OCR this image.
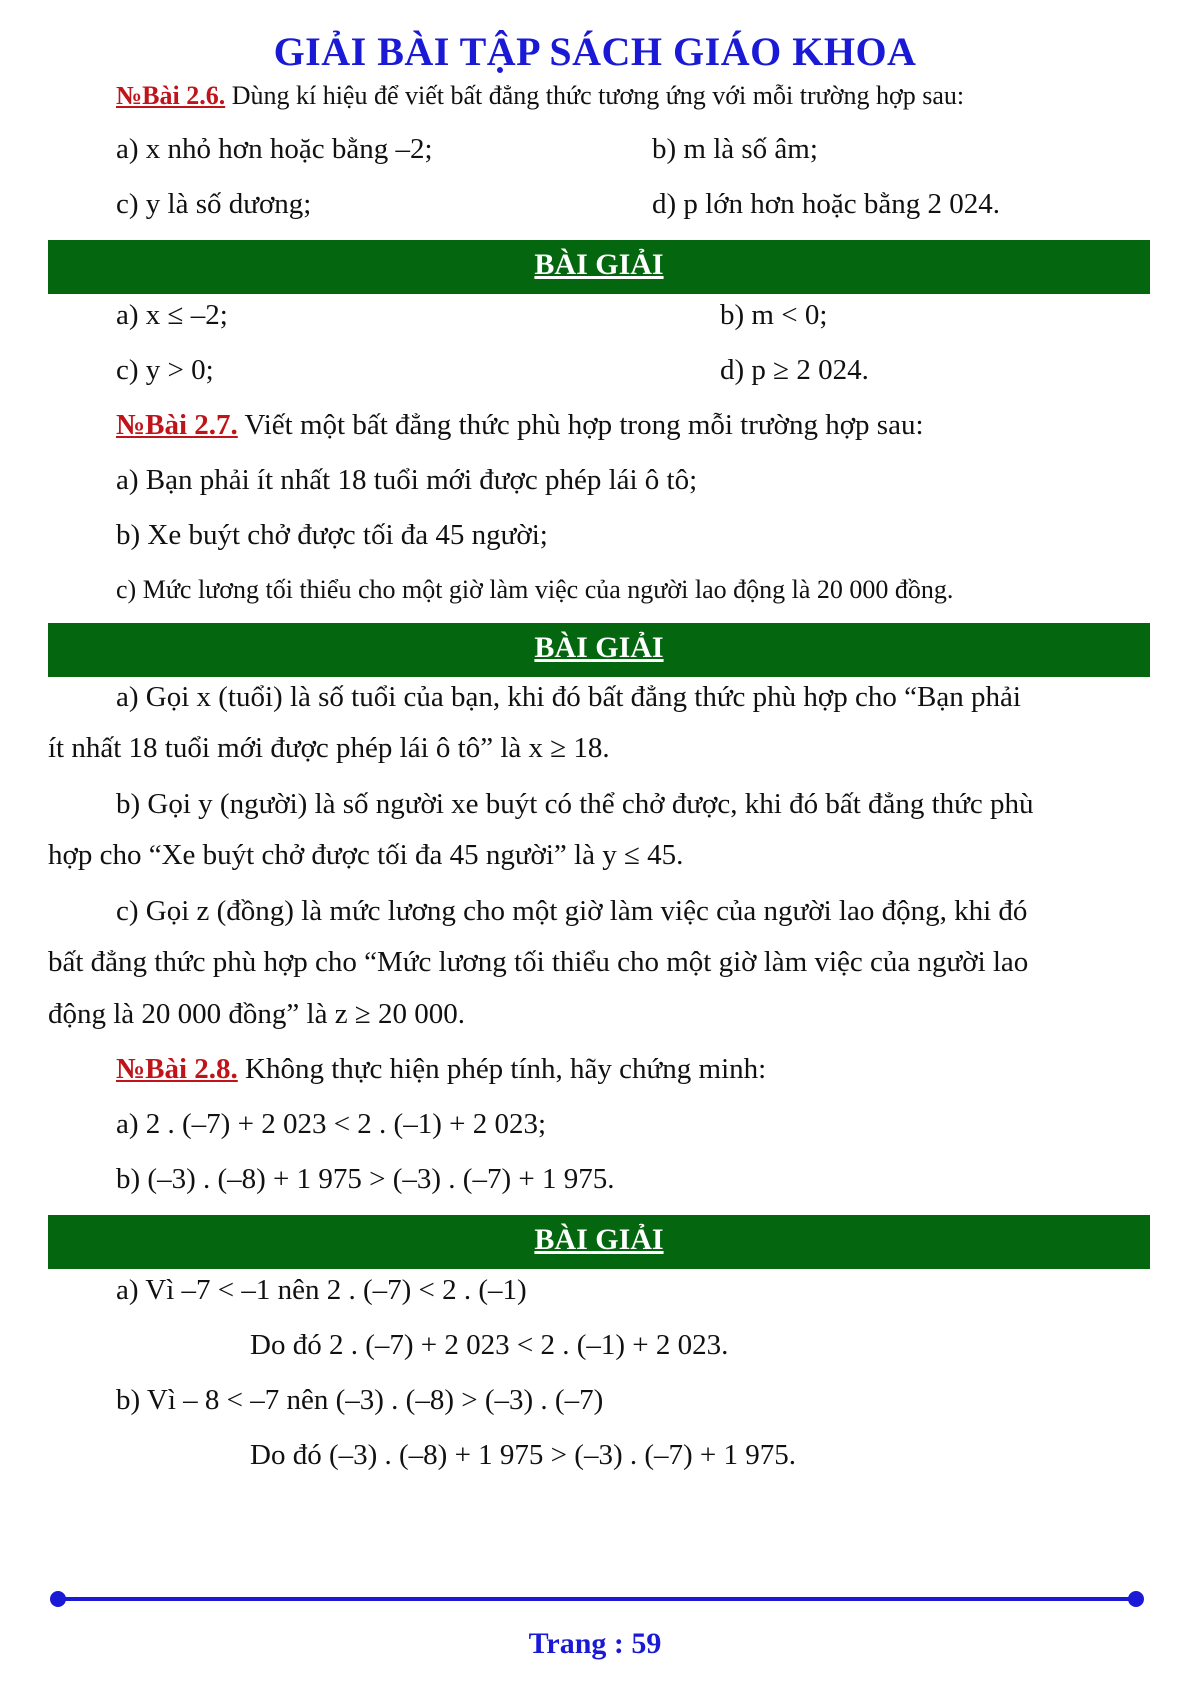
GIẢI BÀI TẬP SÁCH GIÁO KHOA
№Bài 2.6. Dùng kí hiệu để viết bất đẳng thức tương ứng với mỗi trường hợp sau:
a) x nhỏ hơn hoặc bằng –2;	b) m là số âm;
c) y là số dương;	d) p lớn hơn hoặc bằng 2 024.
BÀI GIẢI
a) x ≤ –2;	b) m < 0;
c) y > 0;	d) p ≥ 2 024.
№Bài 2.7. Viết một bất đẳng thức phù hợp trong mỗi trường hợp sau:
a) Bạn phải ít nhất 18 tuổi mới được phép lái ô tô;
b) Xe buýt chở được tối đa 45 người;
c) Mức lương tối thiểu cho một giờ làm việc của người lao động là 20 000 đồng.
BÀI GIẢI
a) Gọi x (tuổi) là số tuổi của bạn, khi đó bất đẳng thức phù hợp cho “Bạn phải
ít nhất 18 tuổi mới được phép lái ô tô” là x ≥ 18.
b) Gọi y (người) là số người xe buýt có thể chở được, khi đó bất đẳng thức phù
hợp cho “Xe buýt chở được tối đa 45 người” là y ≤ 45.
c) Gọi z (đồng) là mức lương cho một giờ làm việc của người lao động, khi đó
bất đẳng thức phù hợp cho “Mức lương tối thiểu cho một giờ làm việc của người lao
động là 20 000 đồng” là z ≥ 20 000.
№Bài 2.8. Không thực hiện phép tính, hãy chứng minh:
a) 2 . (–7) + 2 023 < 2 . (–1) + 2 023;
b) (–3) . (–8) + 1 975 > (–3) . (–7) + 1 975.
BÀI GIẢI
a) Vì –7 < –1 nên 2 . (–7) < 2 . (–1)
Do đó 2 . (–7) + 2 023 < 2 . (–1) + 2 023.
b) Vì – 8 < –7 nên (–3) . (–8) > (–3) . (–7)
Do đó (–3) . (–8) + 1 975 > (–3) . (–7) + 1 975.
Trang : 59
